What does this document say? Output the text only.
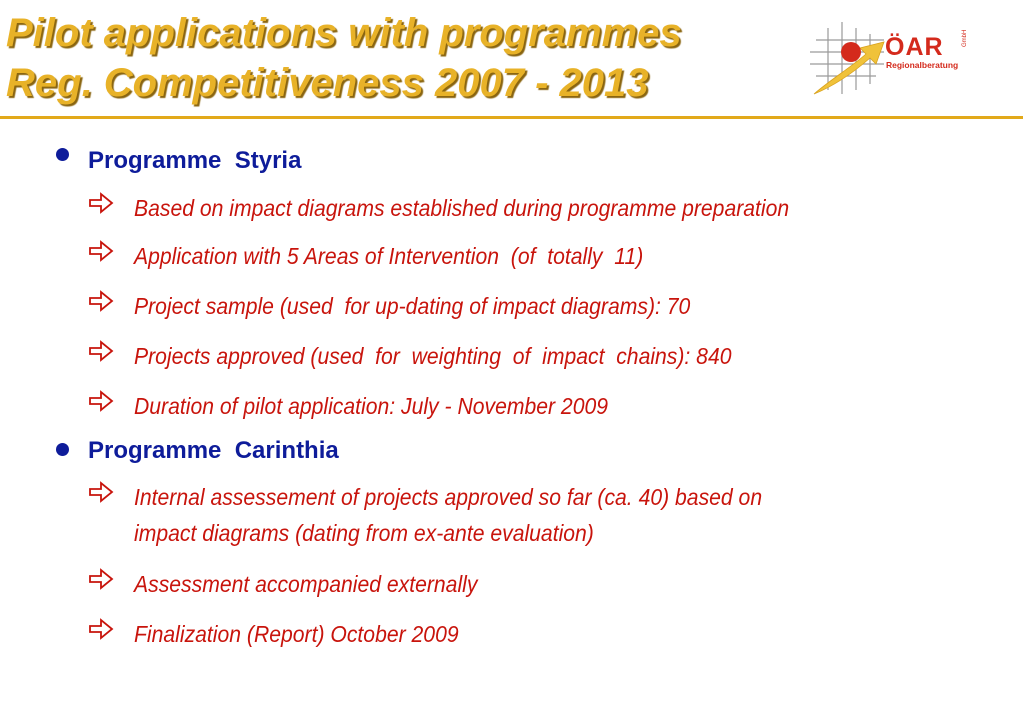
Pilot applications with programmes
Reg. Competitiveness 2007 - 2013
ÖAR
Regionalberatung
GmbH
Programme  Styria

Based on impact diagrams established during programme preparation

Application with 5 Areas of Intervention  (of  totally  11)

Project sample (used  for up-dating of impact diagrams): 70

Projects approved (used  for  weighting  of  impact  chains): 840

Duration of pilot application: July - November 2009

Programme  Carinthia

Internal assessement of projects approved so far (ca. 40) based on
impact diagrams (dating from ex-ante evaluation)

Assessment accompanied externally

Finalization (Report) October 2009
